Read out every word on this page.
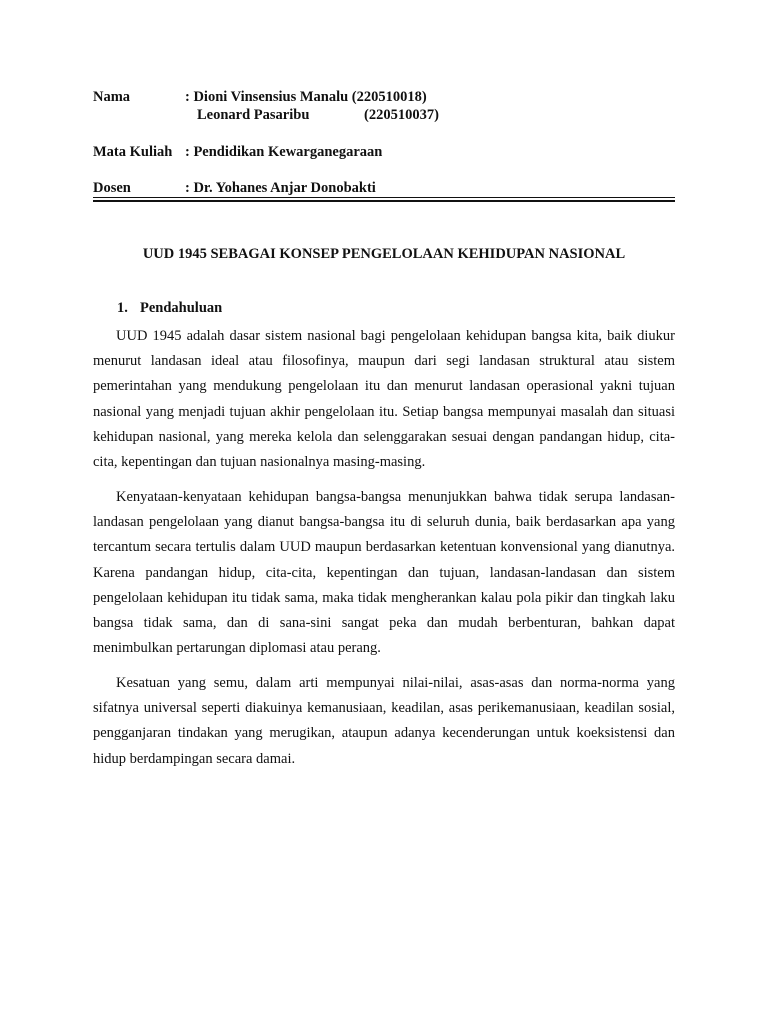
Nama	: Dioni Vinsensius Manalu (220510018)
Leonard Pasaribu	(220510037)
Mata Kuliah : Pendidikan Kewarganegaraan
Dosen	: Dr. Yohanes Anjar Donobakti
UUD 1945 SEBAGAI KONSEP PENGELOLAAN KEHIDUPAN NASIONAL
1. Pendahuluan

UUD 1945 adalah dasar sistem nasional bagi pengelolaan kehidupan bangsa kita, baik diukur menurut landasan ideal atau filosofinya, maupun dari segi landasan struktural atau sistem pemerintahan yang mendukung pengelolaan itu dan menurut landasan operasional yakni tujuan nasional yang menjadi tujuan akhir pengelolaan itu. Setiap bangsa mempunyai masalah dan situasi kehidupan nasional, yang mereka kelola dan selenggarakan sesuai dengan pandangan hidup, cita-cita, kepentingan dan tujuan nasionalnya masing-masing.

Kenyataan-kenyataan kehidupan bangsa-bangsa menunjukkan bahwa tidak serupa landasan-landasan pengelolaan yang dianut bangsa-bangsa itu di seluruh dunia, baik berdasarkan apa yang tercantum secara tertulis dalam UUD maupun berdasarkan ketentuan konvensional yang dianutnya. Karena pandangan hidup, cita-cita, kepentingan dan tujuan, landasan-landasan dan sistem pengelolaan kehidupan itu tidak sama, maka tidak mengherankan kalau pola pikir dan tingkah laku bangsa tidak sama, dan di sana-sini sangat peka dan mudah berbenturan, bahkan dapat menimbulkan pertarungan diplomasi atau perang.

Kesatuan yang semu, dalam arti mempunyai nilai-nilai, asas-asas dan norma-norma yang sifatnya universal seperti diakuinya kemanusiaan, keadilan, asas perikemanusiaan, keadilan sosial, pengganjaran tindakan yang merugikan, ataupun adanya kecenderungan untuk koeksistensi dan hidup berdampingan secara damai.
